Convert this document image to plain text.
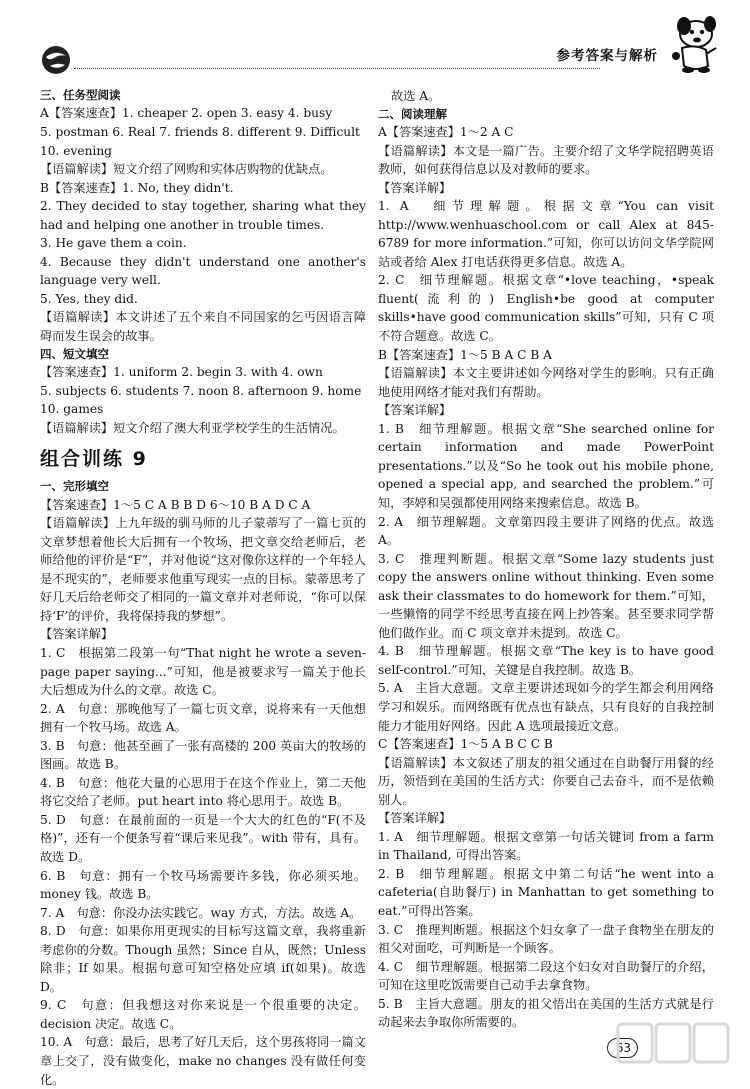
参考答案与解析

三、任务型阅读

A【答案速查】1. cheaper 2. open 3. easy 4. busy

5. postman 6. Real 7. friends 8. different 9. Difficult

10. evening

【语篇解读】短文介绍了网购和实体店购物的优缺点。

B【答案速查】1. No, they didn't.

2. They decided to stay together, sharing what they had and helping one another in trouble times.

3. He gave them a coin.

4. Because they didn't understand one another's language very well.

5. Yes, they did.

【语篇解读】本文讲述了五个来自不同国家的乞丐因语言障碍而发生误会的故事。

四、短文填空

【答案速查】1. uniform 2. begin 3. with 4. own

5. subjects 6. students 7. noon 8. afternoon 9. home

10. games

【语篇解读】短文介绍了澳大利亚学校学生的生活情况。

组合训练 9

一、完形填空

【答案速查】1～5 C A B B D 6～10 B A D C A

【语篇解读】上九年级的驯马师的儿子蒙蒂写了一篇七页的文章梦想着他长大后拥有一个牧场，把文章交给老师后，老师给他的评价是“F”，并对他说“这对像你这样的一个年轻人是不现实的”，老师要求他重写现实一点的目标。蒙蒂思考了好几天后给老师交了相同的一篇文章并对老师说，“你可以保持‘F’的评价，我将保持我的梦想”。

【答案详解】

1. C　根据第二段第一句“That night he wrote a seven-page paper saying...”可知，他是被要求写一篇关于他长大后想成为什么的文章。故选 C。

2. A　句意：那晚他写了一篇七页文章，说将来有一天他想拥有一个牧马场。故选 A。

3. B　句意：他甚至画了一张有高楼的 200 英亩大的牧场的图画。故选 B。

4. B　句意：他花大量的心思用于在这个作业上，第二天他将它交给了老师。put heart into 将心思用于。故选 B。

5. D　句意：在最前面的一页是一个大大的红色的“F(不及格)”，还有一个便条写着“课后来见我”。with 带有，具有。故选 D。

6. B　句意：拥有一个牧马场需要许多钱，你必须买地。money 钱。故选 B。

7. A　句意：你没办法实践它。way 方式，方法。故选 A。

8. D　句意：如果你用更现实的目标写这篇文章，我将重新考虑你的分数。Though 虽然；Since 自从，既然；Unless 除非；If 如果。根据句意可知空格处应填 if(如果)。故选 D。

9. C　句意：但我想这对你来说是一个很重要的决定。decision 决定。故选 C。

10. A　句意：最后，思考了好几天后，这个男孩将同一篇文章上交了，没有做变化，make no changes 没有做任何变化。

故选 A。

二、阅读理解

A【答案速查】1～2 A C

【语篇解读】本文是一篇广告。主要介绍了文华学院招聘英语教师，如何获得信息以及对教师的要求。

【答案详解】

1. A　细节理解题。根据文章“You can visit http://www.wenhuaschool.com or call Alex at 845-6789 for more information.”可知，你可以访问文华学院网站或者给 Alex 打电话获得更多信息。故选 A。

2. C　细节理解题。根据文章“•love teaching，•speak fluent(流利的) English•be good at computer skills•have good communication skills”可知，只有 C 项不符合题意。故选 C。

B【答案速查】1～5 B A C B A

【语篇解读】本文主要讲述如今网络对学生的影响。只有正确地使用网络才能对我们有帮助。

【答案详解】

1. B　细节理解题。根据文章“She searched online for certain information and made PowerPoint presentations.”以及“So he took out his mobile phone, opened a special app, and searched the problem.”可知，李婷和吴强都使用网络来搜索信息。故选 B。

2. A　细节理解题。文章第四段主要讲了网络的优点。故选 A。

3. C　推理判断题。根据文章“Some lazy students just copy the answers online without thinking. Even some ask their classmates to do homework for them.”可知，一些懒惰的同学不经思考直接在网上抄答案。甚至要求同学帮他们做作业。而 C 项文章并未提到。故选 C。

4. B　细节理解题。根据文章“The key is to have good self-control.”可知，关键是自我控制。故选 B。

5. A　主旨大意题。文章主要讲述现如今的学生都会利用网络学习和娱乐。而网络既有优点也有缺点，只有良好的自我控制能力才能用好网络。因此 A 选项最接近文意。

C【答案速查】1～5 A B C C B

【语篇解读】本文叙述了朋友的祖父通过在自助餐厅用餐的经历，领悟到在美国的生活方式：你要自己去奋斗，而不是依赖别人。

【答案详解】

1. A　细节理解题。根据文章第一句话关键词 from a farm in Thailand, 可得出答案。

2. B　细节理解题。根据文中第二句话“he went into a cafeteria(自助餐厅) in Manhattan to get something to eat.”可得出答案。

3. C　推理判断题。根据这个妇女拿了一盘子食物坐在朋友的祖父对面吃，可判断是一个顾客。

4. C　细节理解题。根据第二段这个妇女对自助餐厅的介绍，可知在这里吃饭需要自己动手去拿食物。

5. B　主旨大意题。朋友的祖父悟出在美国的生活方式就是行动起来去争取你所需要的。

63
